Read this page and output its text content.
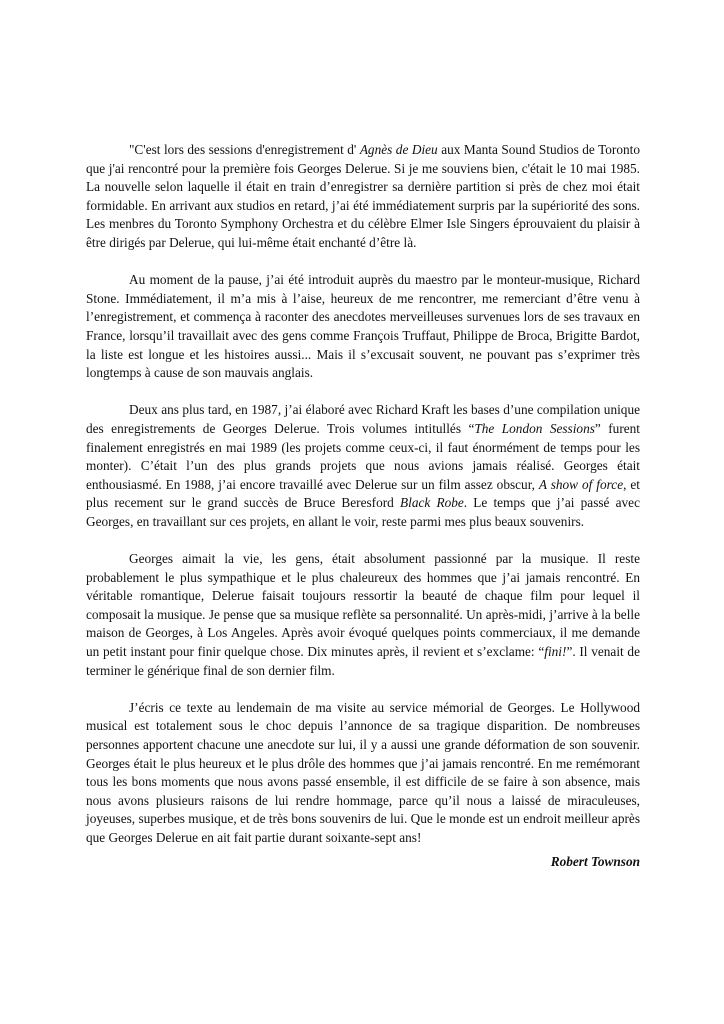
"C'est lors des sessions d'enregistrement d' Agnès de Dieu aux Manta Sound Studios de Toronto que j'ai rencontré pour la première fois Georges Delerue. Si je me souviens bien, c'était le 10 mai 1985. La nouvelle selon laquelle il était en train d’enregistrer sa dernière partition si près de chez moi était formidable. En arrivant aux studios en retard, j’ai été immédiatement surpris par la supériorité des sons. Les menbres du Toronto Symphony Orchestra et du célèbre Elmer Isle Singers éprouvaient du plaisir à être dirigés par Delerue, qui lui-même était enchanté d’être là.

Au moment de la pause, j’ai été introduit auprès du maestro par le monteur-musique, Richard Stone. Immédiatement, il m’a mis à l’aise, heureux de me rencontrer, me remerciant d’être venu à l’enregistrement, et commença à raconter des anecdotes merveilleuses survenues lors de ses travaux en France, lorsqu’il travaillait avec des gens comme François Truffaut, Philippe de Broca, Brigitte Bardot, la liste est longue et les histoires aussi... Mais il s’excusait souvent, ne pouvant pas s’exprimer très longtemps à cause de son mauvais anglais.

Deux ans plus tard, en 1987, j’ai élaboré avec Richard Kraft les bases d’une compilation unique des enregistrements de Georges Delerue. Trois volumes intitullés “The London Sessions” furent finalement enregistrés en mai 1989 (les projets comme ceux-ci, il faut énormément de temps pour les monter). C’était l’un des plus grands projets que nous avions jamais réalisé. Georges était enthousiasmé. En 1988, j’ai encore travaillé avec Delerue sur un film assez obscur, A show of force, et plus recement sur le grand succès de Bruce Beresford Black Robe. Le temps que j’ai passé avec Georges, en travaillant sur ces projets, en allant le voir, reste parmi mes plus beaux souvenirs.

Georges aimait la vie, les gens, était absolument passionné par la musique. Il reste probablement le plus sympathique et le plus chaleureux des hommes que j’ai jamais rencontré. En véritable romantique, Delerue faisait toujours ressortir la beauté de chaque film pour lequel il composait la musique. Je pense que sa musique reflète sa personnalité. Un après-midi, j’arrive à la belle maison de Georges, à Los Angeles. Après avoir évoqué quelques points commerciaux, il me demande un petit instant pour finir quelque chose. Dix minutes après, il revient et s’exclame: “fini!”. Il venait de terminer le générique final de son dernier film.

J’écris ce texte au lendemain de ma visite au service mémorial de Georges. Le Hollywood musical est totalement sous le choc depuis l’annonce de sa tragique disparition. De nombreuses personnes apportent chacune une anecdote sur lui, il y a aussi une grande déformation de son souvenir. Georges était le plus heureux et le plus drôle des hommes que j’ai jamais rencontré. En me remémorant tous les bons moments que nous avons passé ensemble, il est difficile de se faire à son absence, mais nous avons plusieurs raisons de lui rendre hommage, parce qu’il nous a laissé de miraculeuses, joyeuses, superbes musique, et de très bons souvenirs de lui. Que le monde est un endroit meilleur après que Georges Delerue en ait fait partie durant soixante-sept ans!

Robert Townson
